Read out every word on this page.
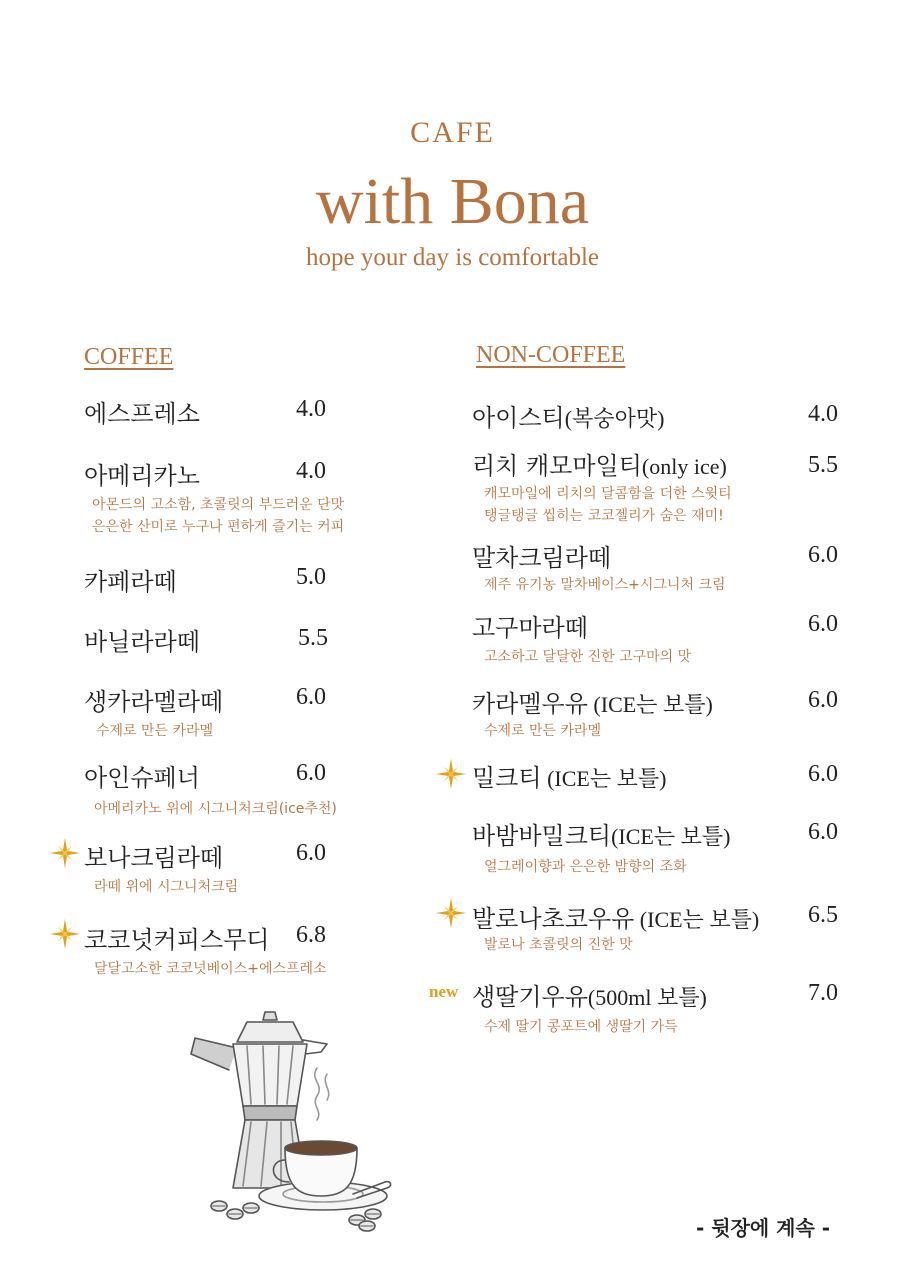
CAFE
with Bona
hope your day is comfortable
COFFEE
에스프레소	4.0
아메리카노	4.0
아몬드의 고소함, 초콜릿의 부드러운 단맛
은은한 산미로 누구나 편하게 즐기는 커피
카페라떼	5.0
바닐라라떼	5.5
생카라멜라떼	6.0
수제로 만든 카라멜
아인슈페너	6.0
아메리카노 위에 시그니처크림(ice추천)
보나크림라떼	6.0
라떼 위에 시그니처크림
코코넛커피스무디 6.8
달달고소한 코코넛베이스+에스프레소
NON-COFFEE
아이스티(복숭아맛)	4.0
리치 캐모마일티(only ice)	5.5
캐모마일에 리치의 달콤함을 더한 스윗티
탱글탱글 씹히는 코코젤리가 숨은 재미!
말차크림라떼	6.0
제주 유기농 말차베이스+시그니처 크림
고구마라떼	6.0
고소하고 달달한 진한 고구마의 맛
카라멜우유 (ICE는 보틀)	6.0
수제로 만든 카라멜
밀크티 (ICE는 보틀)	6.0
바밤바밀크티(ICE는 보틀)	6.0
얼그레이향과 은은한 밤향의 조화
발로나초코우유 (ICE는 보틀) 6.5
발로나 초콜릿의 진한 맛
new 생딸기우유(500ml 보틀)	7.0
수제 딸기 콩포트에 생딸기 가득
- 뒷장에 계속 -
